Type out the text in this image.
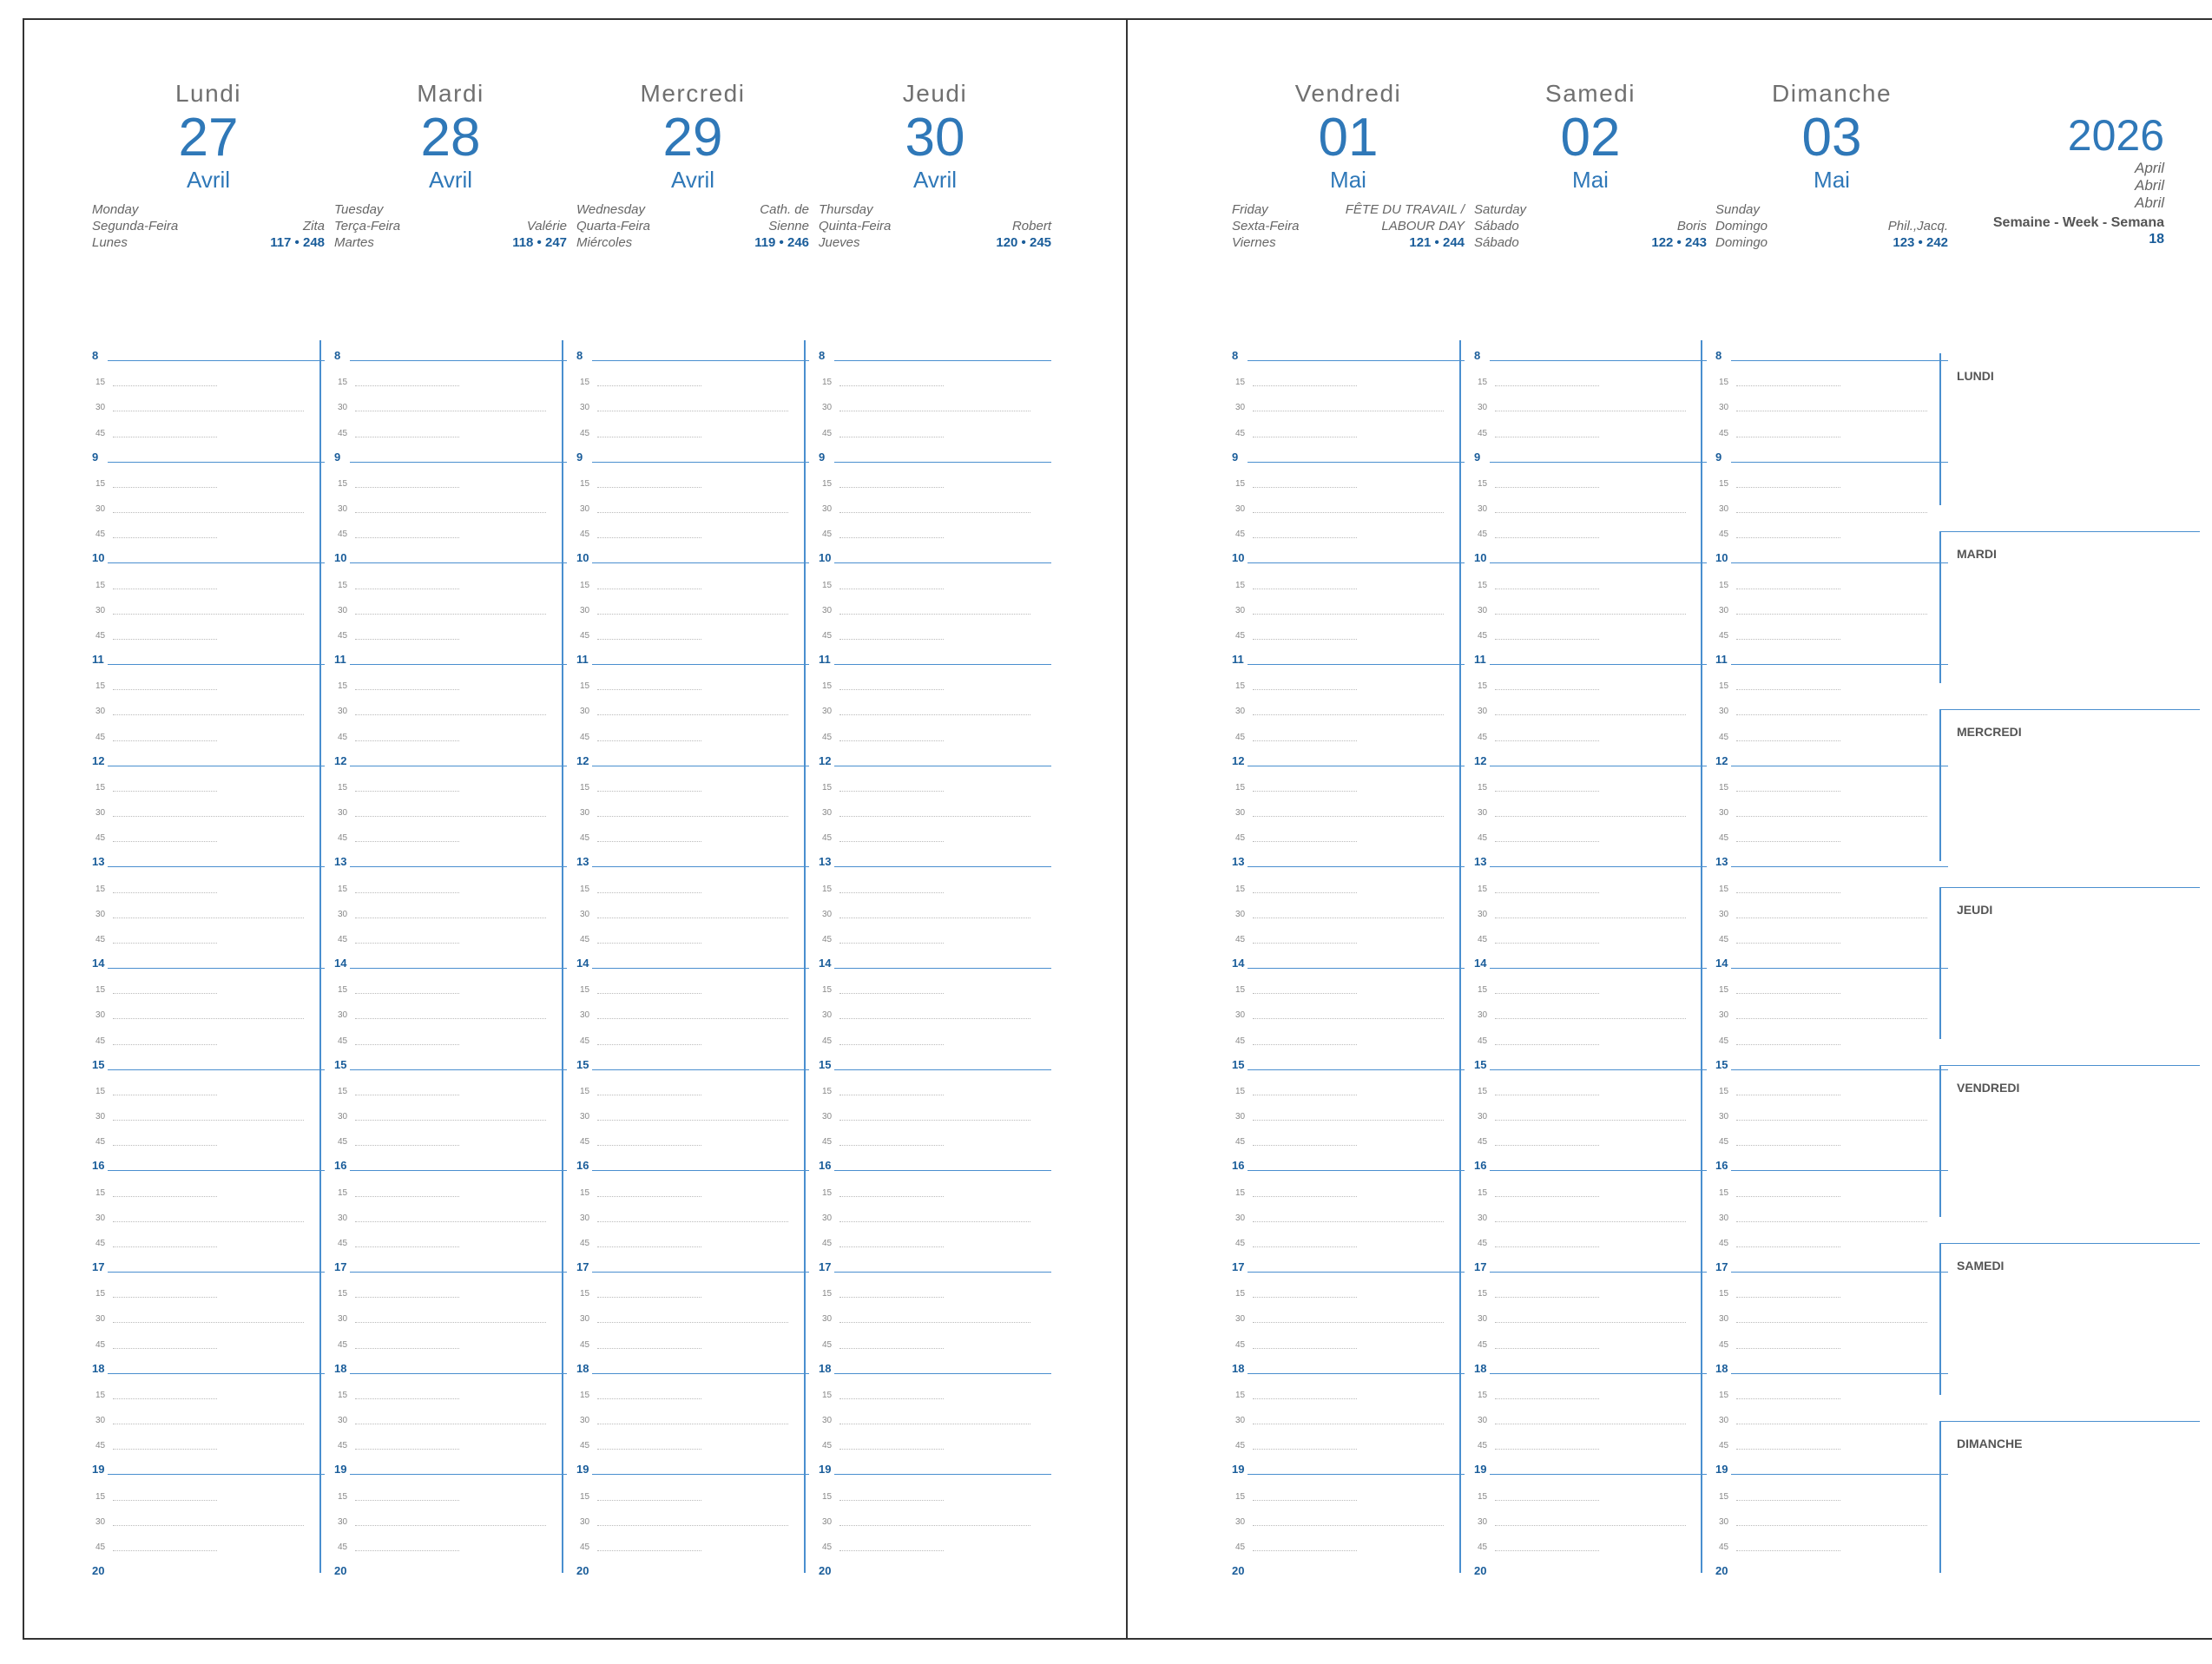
Lundi
27
Avril
Monday
Segunda-Feira	Zita
Lunes	117 • 248
8
15
30
45
9
15
30
45
10
15
30
45
11
15
30
45
12
15
30
45
13
15
30
45
14
15
30
45
15
15
30
45
16
15
30
45
17
15
30
45
18
15
30
45
19
15
30
45
20
Mardi
28
Avril
Tuesday
Terça-Feira	Valérie
Martes	118 • 247
8
15
30
45
9
15
30
45
10
15
30
45
11
15
30
45
12
15
30
45
13
15
30
45
14
15
30
45
15
15
30
45
16
15
30
45
17
15
30
45
18
15
30
45
19
15
30
45
20
Mercredi
29
Avril
Wednesday	Cath. de
Quarta-Feira	Sienne
Miércoles	119 • 246
8
15
30
45
9
15
30
45
10
15
30
45
11
15
30
45
12
15
30
45
13
15
30
45
14
15
30
45
15
15
30
45
16
15
30
45
17
15
30
45
18
15
30
45
19
15
30
45
20
Jeudi
30
Avril
Thursday
Quinta-Feira	Robert
Jueves	120 • 245
8
15
30
45
9
15
30
45
10
15
30
45
11
15
30
45
12
15
30
45
13
15
30
45
14
15
30
45
15
15
30
45
16
15
30
45
17
15
30
45
18
15
30
45
19
15
30
45
20
Vendredi
01
Mai
Friday	FÊTE DU TRAVAIL /
Sexta-Feira	LABOUR DAY
Viernes	121 • 244
8
15
30
45
9
15
30
45
10
15
30
45
11
15
30
45
12
15
30
45
13
15
30
45
14
15
30
45
15
15
30
45
16
15
30
45
17
15
30
45
18
15
30
45
19
15
30
45
20
Samedi
02
Mai
Saturday
Sábado	Boris
Sábado	122 • 243
8
15
30
45
9
15
30
45
10
15
30
45
11
15
30
45
12
15
30
45
13
15
30
45
14
15
30
45
15
15
30
45
16
15
30
45
17
15
30
45
18
15
30
45
19
15
30
45
20
Dimanche
03
Mai
Sunday
Domingo	Phil.,Jacq.
Domingo	123 • 242
8
15
30
45
9
15
30
45
10
15
30
45
11
15
30
45
12
15
30
45
13
15
30
45
14
15
30
45
15
15
30
45
16
15
30
45
17
15
30
45
18
15
30
45
19
15
30
45
20
2026
April
Abril
Abril
Semaine - Week - Semana
18
LUNDI
MARDI
MERCREDI
JEUDI
VENDREDI
SAMEDI
DIMANCHE
